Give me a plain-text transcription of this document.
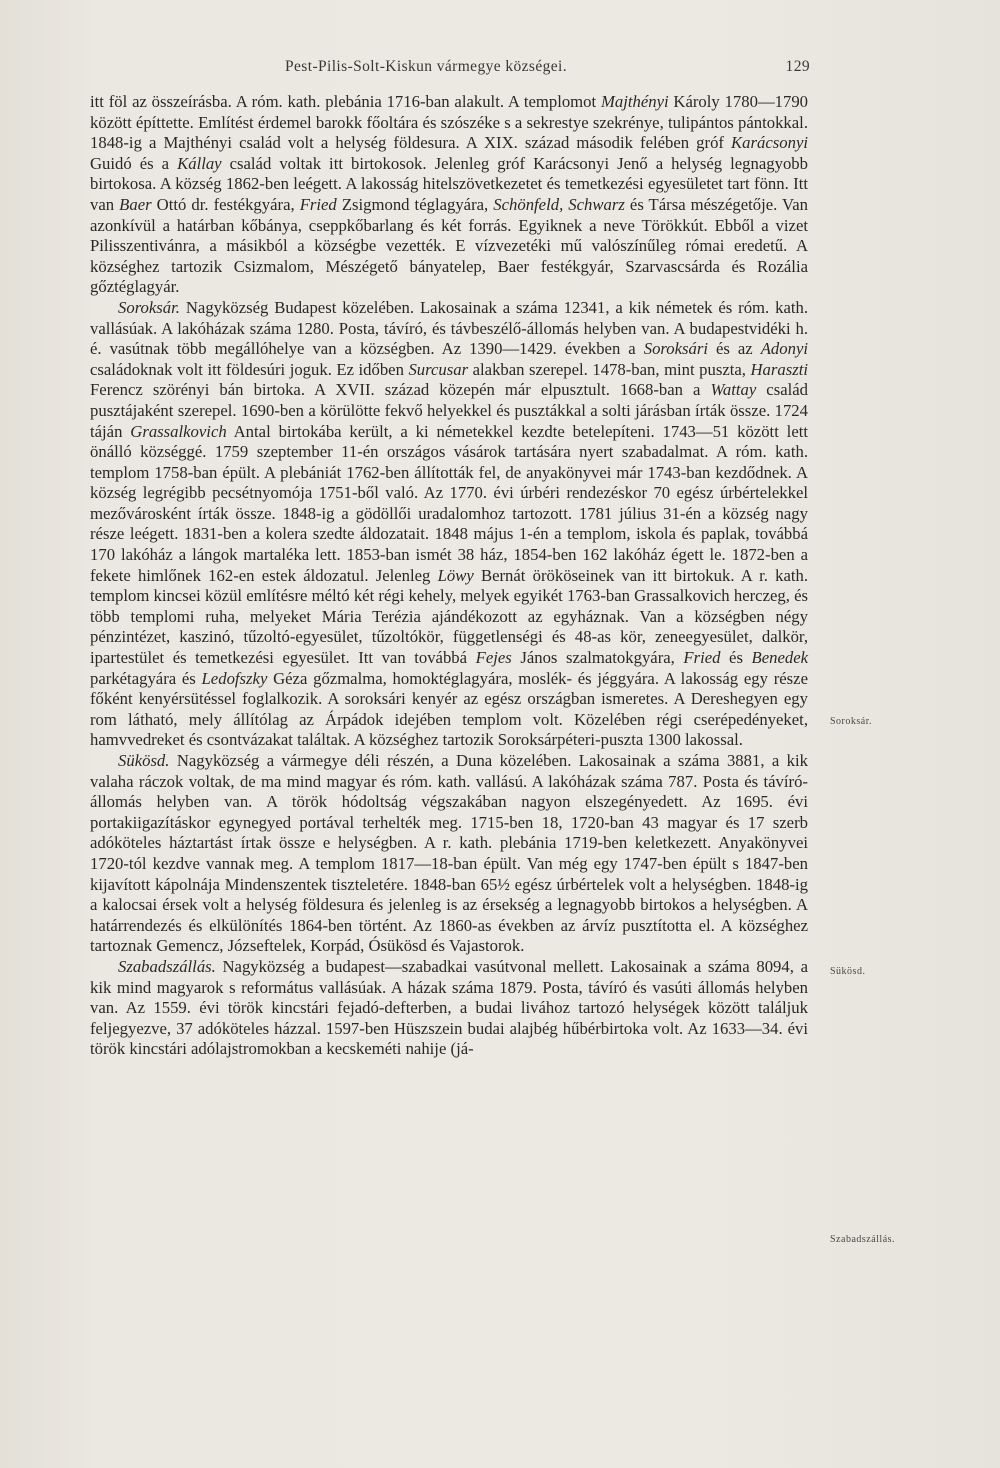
Pest-Pilis-Solt-Kiskun vármegye községei.	129

itt föl az összeírásba. A róm. kath. plebánia 1716-ban alakult. A templomot Majthényi Károly 1780—1790 között építtette. Említést érdemel barokk főoltára és szószéke s a sekrestye szekrénye, tulipántos pántokkal. 1848-ig a Majthényi család volt a helység földesura. A XIX. század második felében gróf Karácsonyi Guidó és a Kállay család voltak itt birtokosok. Jelenleg gróf Karácsonyi Jenő a helység legnagyobb birtokosa. A község 1862-ben leégett. A lakosság hitelszövetkezetet és temetkezési egyesületet tart fönn. Itt van Baer Ottó dr. festékgyára, Fried Zsigmond téglagyára, Schönfeld, Schwarz és Társa mészégetője. Van azonkívül a határban kőbánya, cseppkőbarlang és két forrás. Egyiknek a neve Törökkút. Ebből a vizet Pilisszentivánra, a másikból a községbe vezették. E vízvezetéki mű valószínűleg római eredetű. A községhez tartozik Csizmalom, Mészégető bányatelep, Baer festékgyár, Szarvascsárda és Rozália gőztéglagyár.

Soroksár. Nagyközség Budapest közelében. Lakosainak a száma 12341, a kik németek és róm. kath. vallásúak. A lakóházak száma 1280. Posta, távíró, és távbeszélő-állomás helyben van. A budapestvidéki h. é. vasútnak több megállóhelye van a községben. Az 1390—1429. években a Soroksári és az Adonyi családoknak volt itt földesúri joguk. Ez időben Surcusar alakban szerepel. 1478-ban, mint puszta, Haraszti Ferencz szörényi bán birtoka. A XVII. század közepén már elpusztult. 1668-ban a Wattay család pusztájaként szerepel. 1690-ben a körülötte fekvő helyekkel és pusztákkal a solti járásban írták össze. 1724 táján Grassalkovich Antal birtokába került, a ki németekkel kezdte betelepíteni. 1743—51 között lett önálló községgé. 1759 szeptember 11-én országos vásárok tartására nyert szabadalmat. A róm. kath. templom 1758-ban épült. A plebániát 1762-ben állították fel, de anyakönyvei már 1743-ban kezdődnek. A község legrégibb pecsétnyomója 1751-ből való. Az 1770. évi úrbéri rendezéskor 70 egész úrbértelekkel mezővárosként írták össze. 1848-ig a gödöllői uradalomhoz tartozott. 1781 július 31-én a község nagy része leégett. 1831-ben a kolera szedte áldozatait. 1848 május 1-én a templom, iskola és paplak, továbbá 170 lakóház a lángok martaléka lett. 1853-ban ismét 38 ház, 1854-ben 162 lakóház égett le. 1872-ben a fekete himlőnek 162-en estek áldozatul. Jelenleg Löwy Bernát örököseinek van itt birtokuk. A r. kath. templom kincsei közül említésre méltó két régi kehely, melyek egyikét 1763-ban Grassalkovich herczeg, és több templomi ruha, melyeket Mária Terézia ajándékozott az egyháznak. Van a községben négy pénzintézet, kaszinó, tűzoltó-egyesület, tűzoltókör, függetlenségi és 48-as kör, zeneegyesület, dalkör, ipartestület és temetkezési egyesület. Itt van továbbá Fejes János szalmatokgyára, Fried és Benedek parkétagyára és Ledofszky Géza gőzmalma, homoktéglagyára, moslék- és jéggyára. A lakosság egy része főként kenyérsütéssel foglalkozik. A soroksári kenyér az egész országban ismeretes. A Dereshegyen egy rom látható, mely állítólag az Árpádok idejében templom volt. Közelében régi cserépedényeket, hamvvedreket és csontvázakat találtak. A községhez tartozik Soroksárpéteri-puszta 1300 lakossal.

Sükösd. Nagyközség a vármegye déli részén, a Duna közelében. Lakosainak a száma 3881, a kik valaha ráczok voltak, de ma mind magyar és róm. kath. vallású. A lakóházak száma 787. Posta és távíró-állomás helyben van. A török hódoltság végszakában nagyon elszegényedett. Az 1695. évi portakiigazításkor egynegyed portával terhelték meg. 1715-ben 18, 1720-ban 43 magyar és 17 szerb adóköteles háztartást írtak össze e helységben. A r. kath. plebánia 1719-ben keletkezett. Anyakönyvei 1720-tól kezdve vannak meg. A templom 1817—18-ban épült. Van még egy 1747-ben épült s 1847-ben kijavított kápolnája Mindenszentek tiszteletére. 1848-ban 65½ egész úrbértelek volt a helységben. 1848-ig a kalocsai érsek volt a helység földesura és jelenleg is az érsekség a legnagyobb birtokos a helységben. A határrendezés és elkülönítés 1864-ben történt. Az 1860-as években az árvíz pusztította el. A községhez tartoznak Gemencz, Józseftelek, Korpád, Ósükösd és Vajastorok.

Szabadszállás. Nagyközség a budapest—szabadkai vasútvonal mellett. Lakosainak a száma 8094, a kik mind magyarok s református vallásúak. A házak száma 1879. Posta, távíró és vasúti állomás helyben van. Az 1559. évi török kincstári fejadó-defterben, a budai livához tartozó helységek között találjuk feljegyezve, 37 adóköteles házzal. 1597-ben Hüszszein budai alajbég hűbérbirtoka volt. Az 1633—34. évi török kincstári adólajstromokban a kecskeméti nahije (já-

Soroksár.
Sükösd.
Szabadszállás.
